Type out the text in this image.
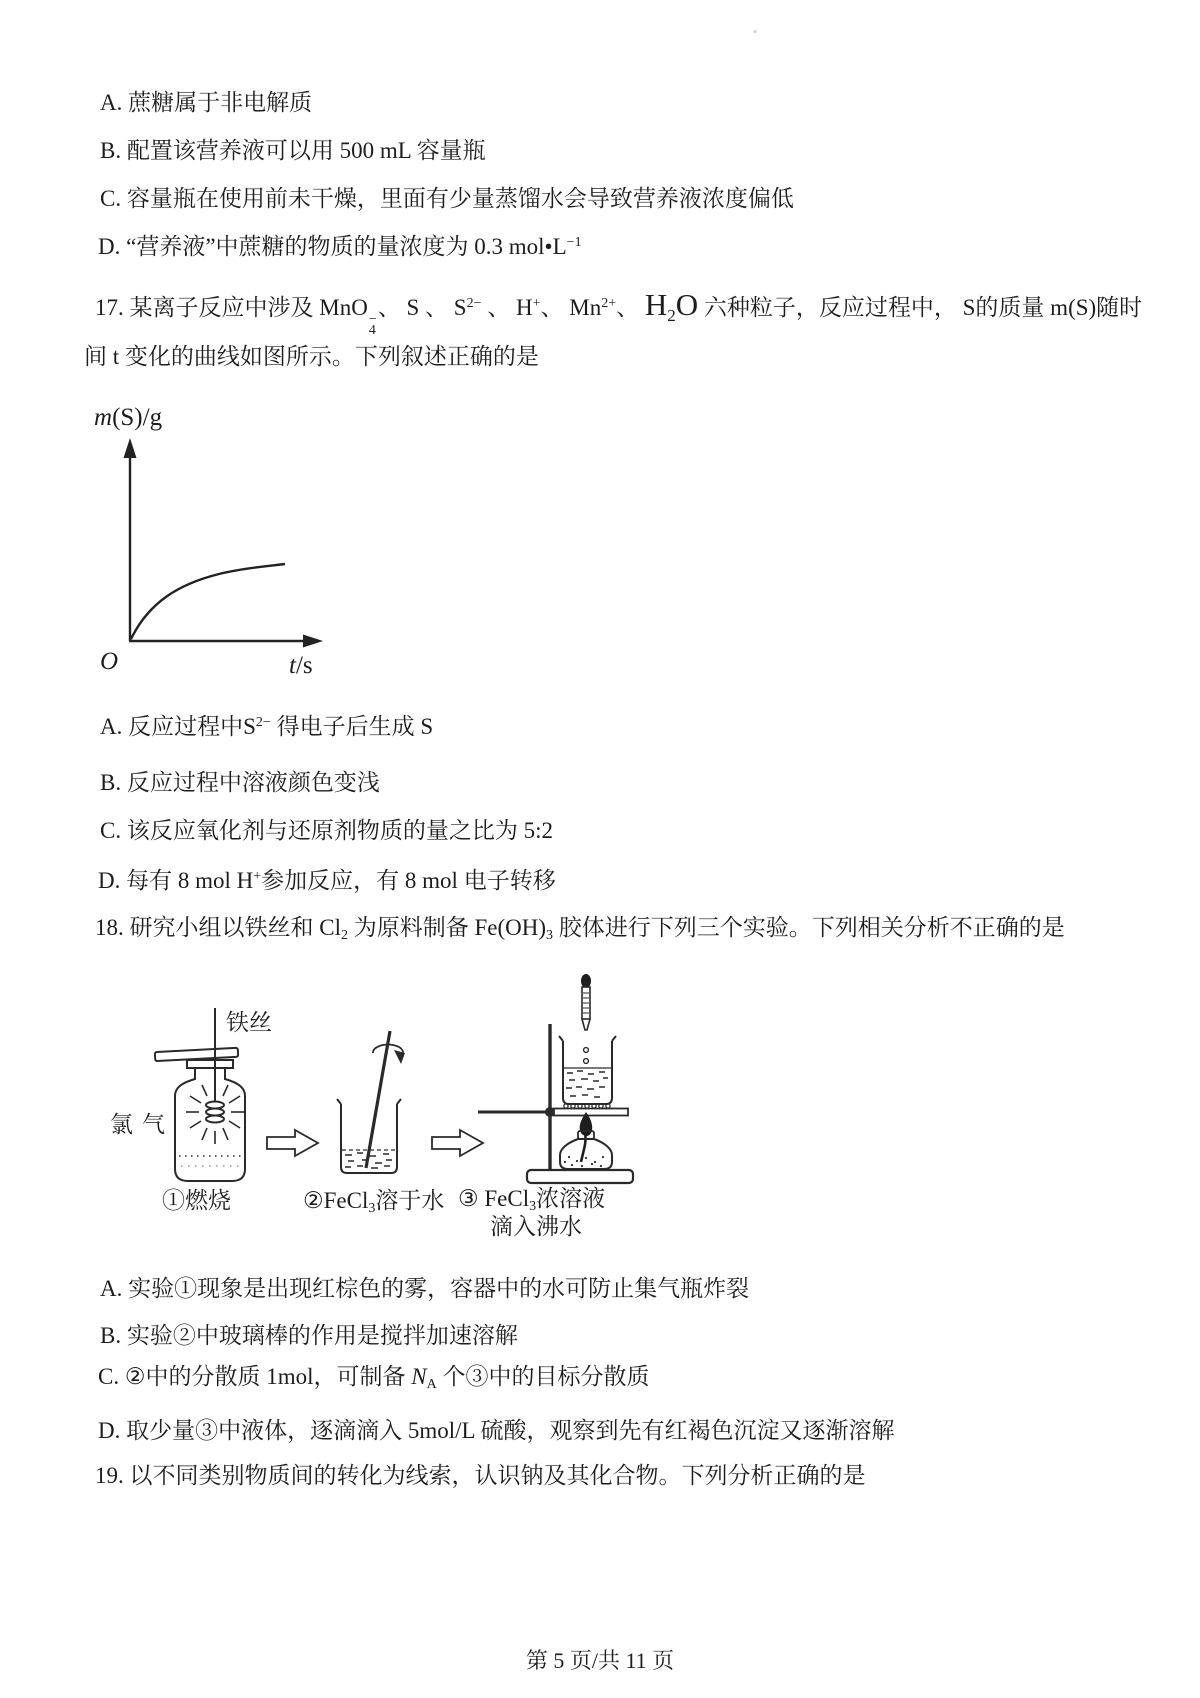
A. 蔗糖属于非电解质
B. 配置该营养液可以用 500 mL 容量瓶
C. 容量瓶在使用前未干燥，里面有少量蒸馏水会导致营养液浓度偏低
D. “营养液”中蔗糖的物质的量浓度为 0.3 $mol•L^{-1}$
17. 某离子反应中涉及 MnO −
4
、 S 、 $S^{2-}$ 、 H+、 $Mn^{2+}$、 H2O 六种粒子，反应过程中， S的质量 m(S)随时
间 t 变化的曲线如图所示。下列叙述正确的是
m(S)/g
O	t/s
A. 反应过程中$S^{2-}$ 得电子后生成 S
B. 反应过程中溶液颜色变浅
C. 该反应氧化剂与还原剂物质的量之比为 5:2
D. 每有 8 mol H+参加反应，有 8 mol 电子转移
18. 研究小组以铁丝和 $Cl_2$ 为原料制备 $Fe(OH)_3$ 胶体进行下列三个实验。下列相关分析不正确的是
铁丝
氯气
①燃烧	②FeCl$_3$溶于水 ③ FeCl$_3$浓溶液
滴入沸水
A. 实验①现象是出现红棕色的雾，容器中的水可防止集气瓶炸裂
B. 实验②中玻璃棒的作用是搅拌加速溶解
C. ②中的分散质 1mol，可制备 $N_A$ 个③中的目标分散质
D. 取少量③中液体，逐滴滴入 5mol/L 硫酸，观察到先有红褐色沉淀又逐渐溶解
19. 以不同类别物质间的转化为线索，认识钠及其化合物。下列分析正确的是
第 5 页/共 11 页
